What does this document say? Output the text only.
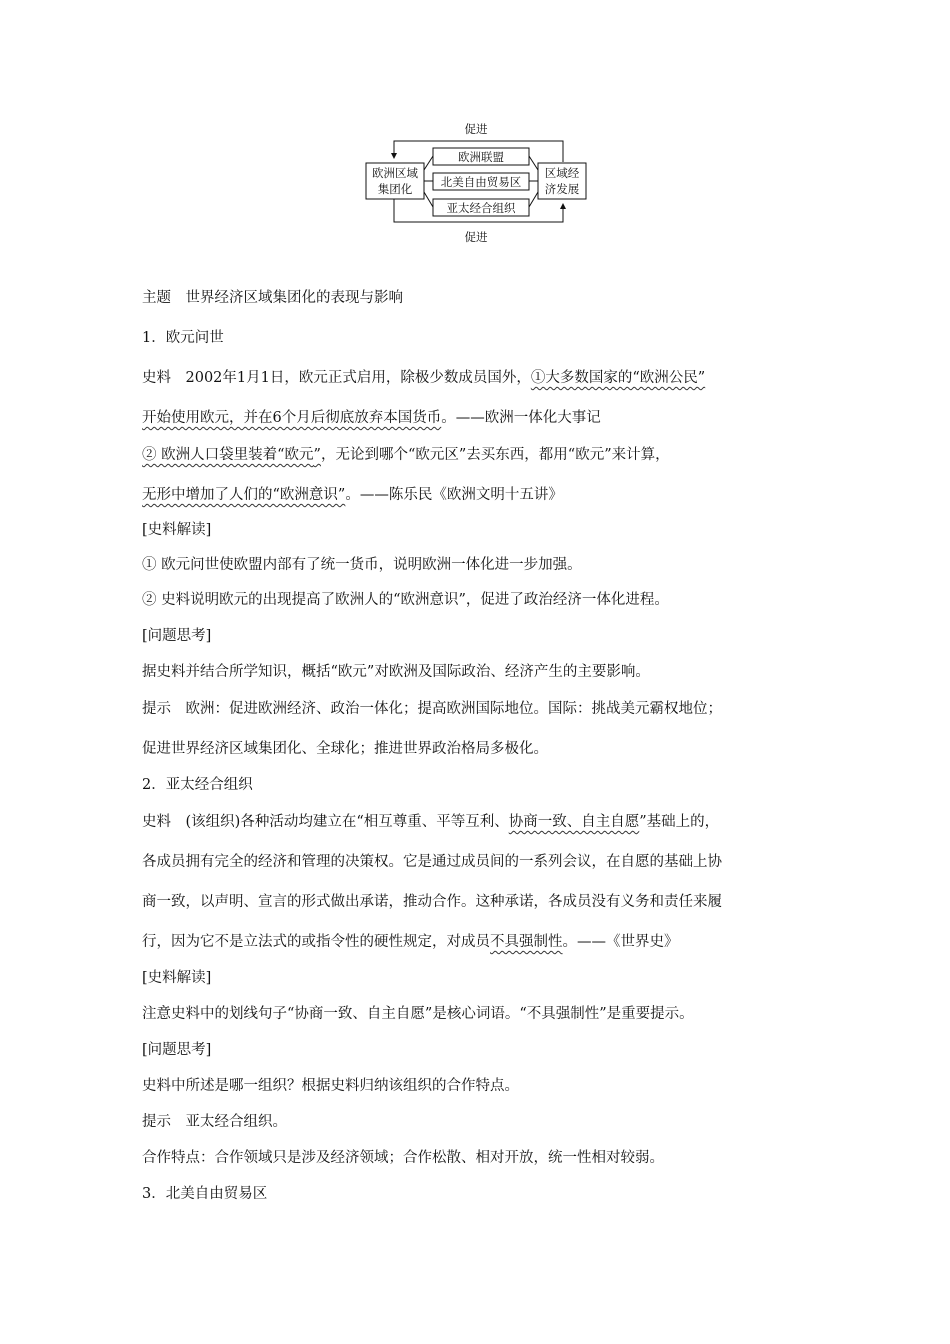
促进
欧洲区域
集团化
区域经
济发展
欧洲联盟
北美自由贸易区
亚太经合组织
促进
主题　世界经济区域集团化的表现与影响
1．欧元问世
史料　2002年1月1日，欧元正式启用，除极少数成员国外，①大多数国家的“欧洲公民”
开始使用欧元，并在6个月后彻底放弃本国货币。——欧洲一体化大事记
② 欧洲人口袋里装着“欧元”，无论到哪个“欧元区”去买东西，都用“欧元”来计算，
无形中增加了人们的“欧洲意识”。——陈乐民《欧洲文明十五讲》
[史料解读]
① 欧元问世使欧盟内部有了统一货币，说明欧洲一体化进一步加强。
② 史料说明欧元的出现提高了欧洲人的“欧洲意识”，促进了政治经济一体化进程。
[问题思考]
据史料并结合所学知识，概括“欧元”对欧洲及国际政治、经济产生的主要影响。
提示　欧洲：促进欧洲经济、政治一体化；提高欧洲国际地位。国际：挑战美元霸权地位；
促进世界经济区域集团化、全球化；推进世界政治格局多极化。
2．亚太经合组织
史料　(该组织)各种活动均建立在“相互尊重、平等互利、协商一致、自主自愿”基础上的，
各成员拥有完全的经济和管理的决策权。它是通过成员间的一系列会议，在自愿的基础上协
商一致，以声明、宣言的形式做出承诺，推动合作。这种承诺，各成员没有义务和责任来履
行，因为它不是立法式的或指令性的硬性规定，对成员不具强制性。——《世界史》
[史料解读]
注意史料中的划线句子“协商一致、自主自愿”是核心词语。“不具强制性”是重要提示。
[问题思考]
史料中所述是哪一组织？根据史料归纳该组织的合作特点。
提示　亚太经合组织。
合作特点：合作领域只是涉及经济领域；合作松散、相对开放，统一性相对较弱。
3．北美自由贸易区
